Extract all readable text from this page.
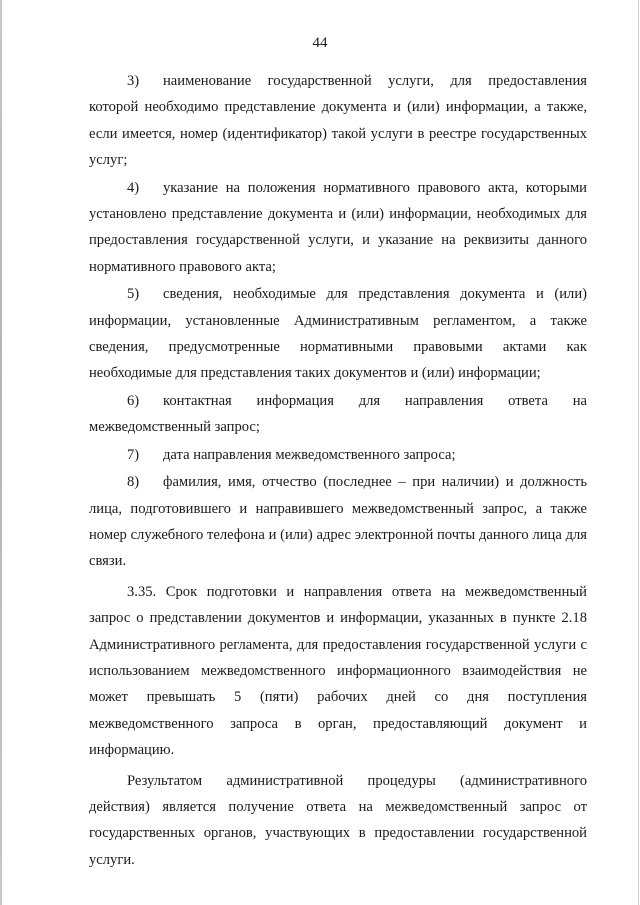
44

3) наименование государственной услуги, для предоставления которой необходимо представление документа и (или) информации, а также, если имеется, номер (идентификатор) такой услуги в реестре государственных услуг;

4) указание на положения нормативного правового акта, которыми установлено представление документа и (или) информации, необходимых для предоставления государственной услуги, и указание на реквизиты данного нормативного правового акта;

5) сведения, необходимые для представления документа и (или) информации, установленные Административным регламентом, а также сведения, предусмотренные нормативными правовыми актами как необходимые для представления таких документов и (или) информации;

6) контактная информация для направления ответа на межведомственный запрос;

7) дата направления межведомственного запроса;

8) фамилия, имя, отчество (последнее – при наличии) и должность лица, подготовившего и направившего межведомственный запрос, а также номер служебного телефона и (или) адрес электронной почты данного лица для связи.

3.35. Срок подготовки и направления ответа на межведомственный запрос о представлении документов и информации, указанных в пункте 2.18 Административного регламента, для предоставления государственной услуги с использованием межведомственного информационного взаимодействия не может превышать 5 (пяти) рабочих дней со дня поступления межведомственного запроса в орган, предоставляющий документ и информацию.

Результатом административной процедуры (административного действия) является получение ответа на межведомственный запрос от государственных органов, участвующих в предоставлении государственной услуги.
